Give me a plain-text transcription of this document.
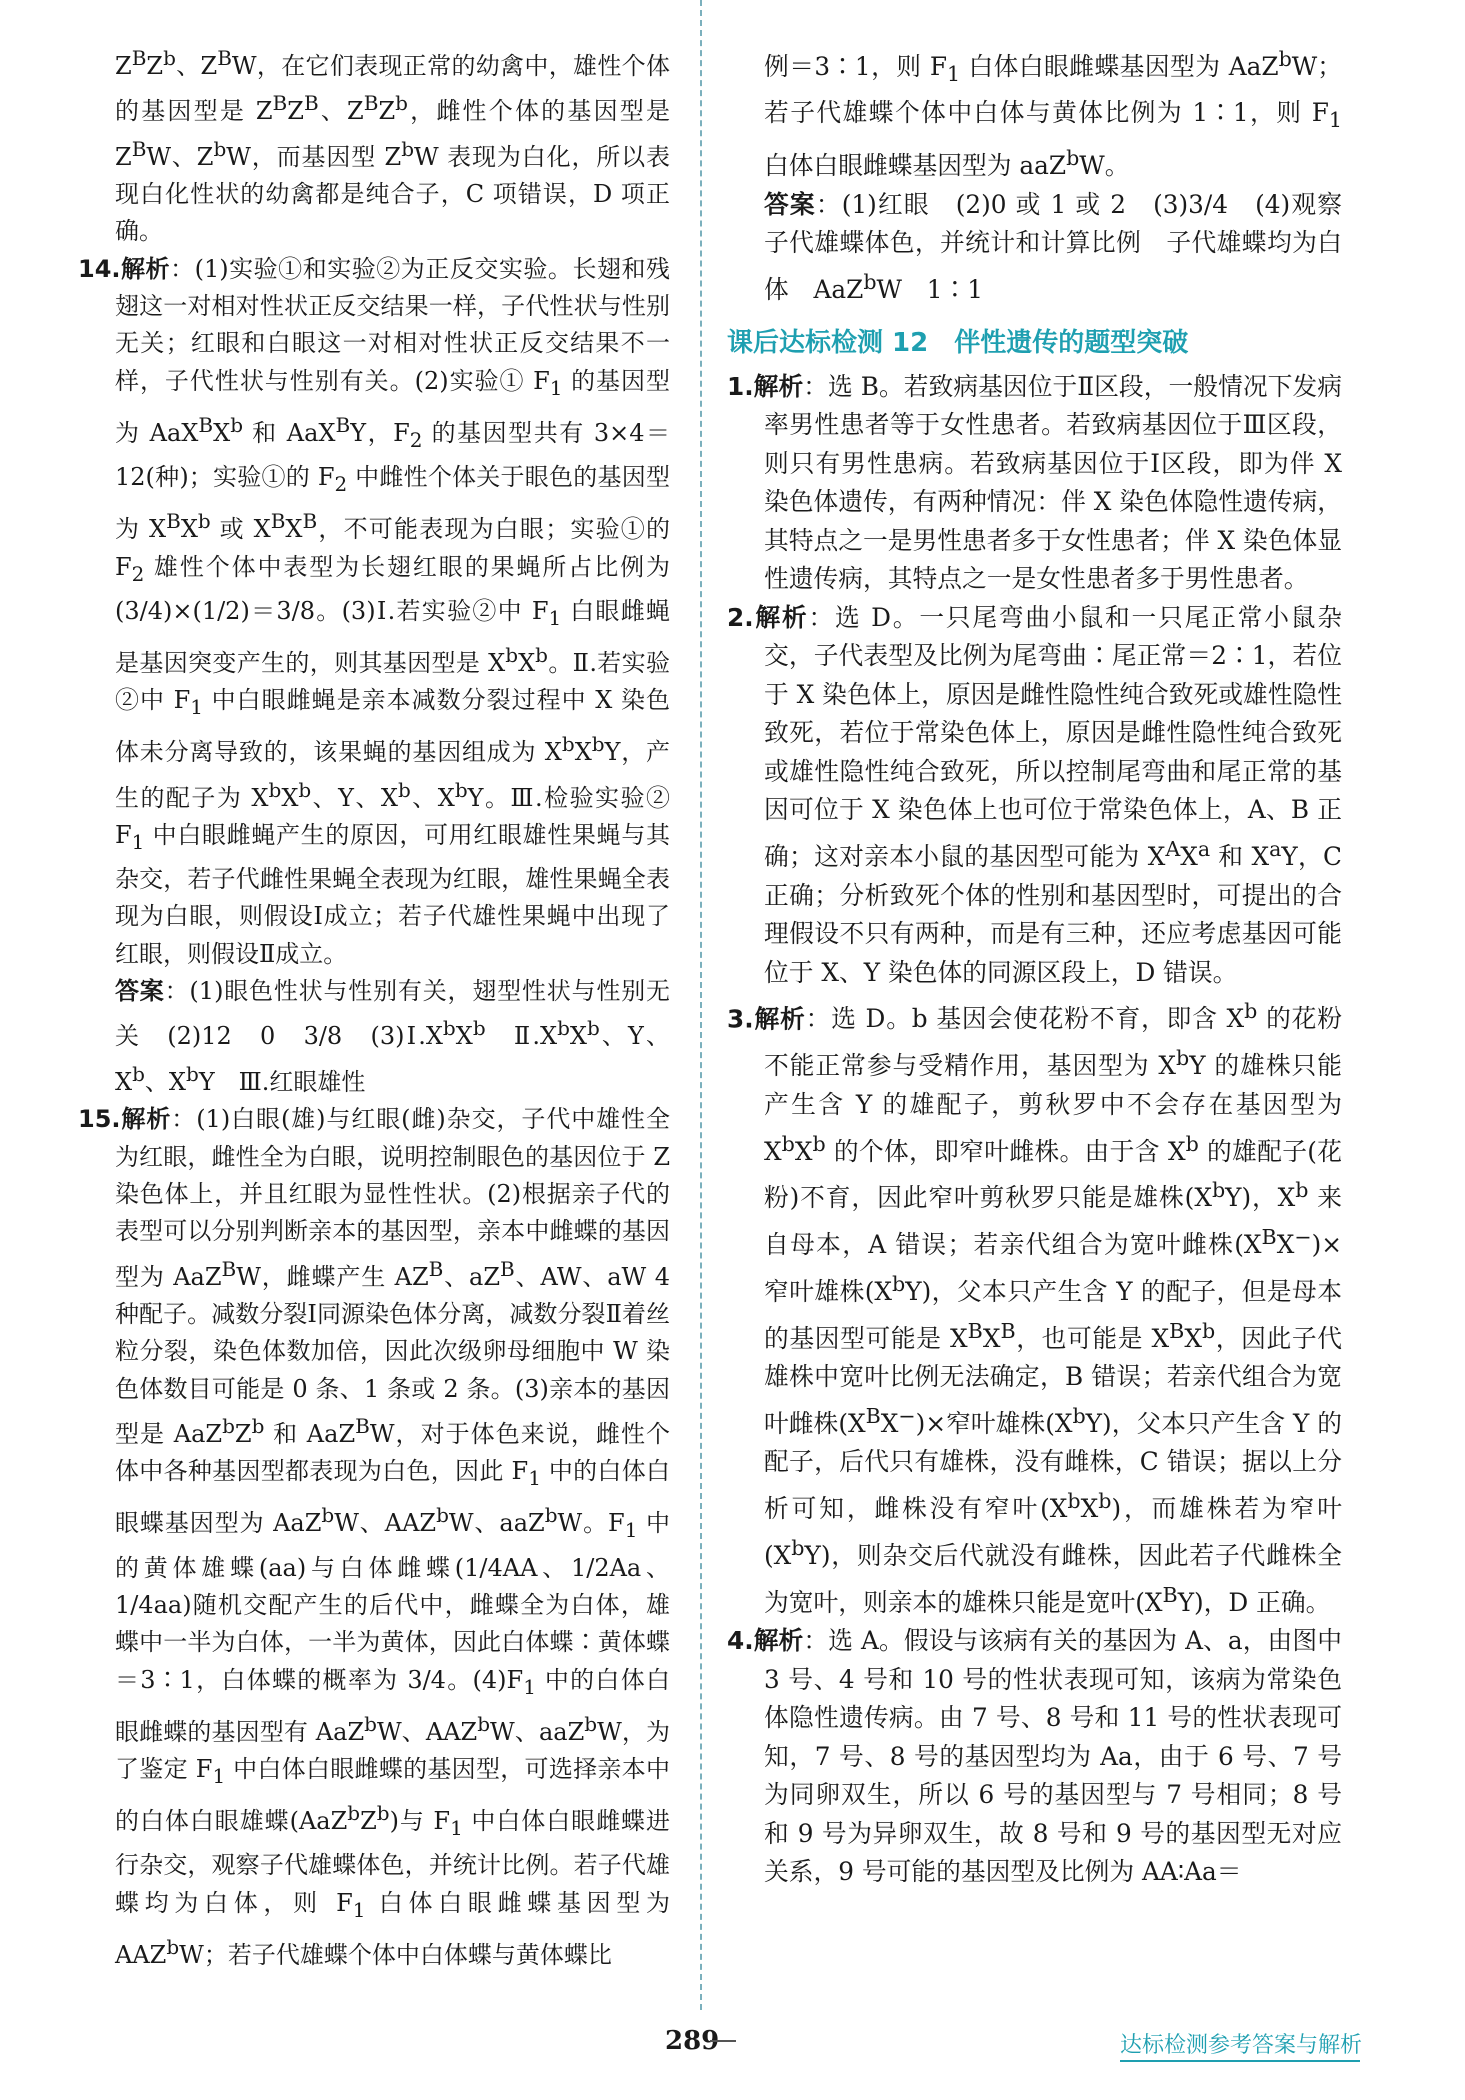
$Z^BZ^b$、$Z^BW$，在它们表现正常的幼禽中，雄性个体的基因型是 $Z^BZ^B$、$Z^BZ^b$，雌性个体的基因型是 $Z^BW$、$Z^bW$，而基因型 $Z^bW$ 表现为白化，所以表现白化性状的幼禽都是纯合子，C 项错误，D 项正确。

14.解析：(1)实验①和实验②为正反交实验。长翅和残翅这一对相对性状正反交结果一样，子代性状与性别无关；红眼和白眼这一对相对性状正反交结果不一样，子代性状与性别有关。(2)实验① $F_1$ 的基因型为 $AaX^BX^b$ 和 AaX$^B$Y，$F_2$ 的基因型共有 3×4＝12(种)；实验①的 $F_2$ 中雌性个体关于眼色的基因型为 $X^BX^b$ 或 $X^BX^B$，不可能表现为白眼；实验①的 $F_2$ 雄性个体中表型为长翅红眼的果蝇所占比例为 (3/4)×(1/2)＝3/8。(3)Ⅰ.若实验②中 $F_1$ 白眼雌蝇是基因突变产生的，则其基因型是 $X^bX^b$。Ⅱ.若实验②中 $F_1$ 中白眼雌蝇是亲本减数分裂过程中 X 染色体未分离导致的，该果蝇的基因组成为 $X^bX^bY$，产生的配子为 $X^bX^b$、Y、$X^b$、$X^bY$。Ⅲ.检验实验② $F_1$ 中白眼雌蝇产生的原因，可用红眼雄性果蝇与其杂交，若子代雌性果蝇全表现为红眼，雄性果蝇全表现为白眼，则假设Ⅰ成立；若子代雄性果蝇中出现了红眼，则假设Ⅱ成立。

答案：(1)眼色性状与性别有关，翅型性状与性别无关　(2)12　0　3/8　$(3)Ⅰ.X^bX^b$　$Ⅱ.X^bX^b$、Y、$X^b$、$X^bY$　Ⅲ.红眼雄性

15.解析：(1)白眼(雄)与红眼(雌)杂交，子代中雄性全为红眼，雌性全为白眼，说明控制眼色的基因位于 Z 染色体上，并且红眼为显性性状。(2)根据亲子代的表型可以分别判断亲本的基因型，亲本中雌蝶的基因型为 AaZ$^B$W，雌蝶产生 $AZ^B$、$aZ^B$、AW、aW 4 种配子。减数分裂Ⅰ同源染色体分离，减数分裂Ⅱ着丝粒分裂，染色体数加倍，因此次级卵母细胞中 W 染色体数目可能是 0 条、1 条或 2 条。(3)亲本的基因型是 $AaZ^bZ^b$ 和 AaZ$^B$W，对于体色来说，雌性个体中各种基因型都表现为白色，因此 $F_1$ 中的白体白眼蝶基因型为 AaZ$^b$W、AAZ$^b$W、aaZ$^b$W。$F_1$ 中的黄体雄蝶(aa)与白体雌蝶(1/4AA、1/2Aa、1/4aa)随机交配产生的后代中，雌蝶全为白体，雄蝶中一半为白体，一半为黄体，因此白体蝶∶黄体蝶＝3∶1，白体蝶的概率为 3/4。$(4)F_1$ 中的白体白眼雌蝶的基因型有 AaZ$^b$W、AAZ$^b$W、aaZ$^b$W，为了鉴定 $F_1$ 中白体白眼雌蝶的基因型，可选择亲本中的白体白眼雄蝶$(AaZ^bZ^b)$与 $F_1$ 中白体白眼雌蝶进行杂交，观察子代雄蝶体色，并统计比例。若子代雄蝶均为白体，则 $F_1$ 白体白眼雌蝶基因型为 AAZ$^b$W；若子代雄蝶个体中白体蝶与黄体蝶比

例＝3∶1，则 $F_1$ 白体白眼雌蝶基因型为 AaZ$^b$W；若子代雄蝶个体中白体与黄体比例为 1∶1，则 $F_1$ 白体白眼雌蝶基因型为 aaZ$^b$W。

答案：(1)红眼　(2)0 或 1 或 2　(3)3/4　(4)观察子代雄蝶体色，并统计和计算比例　子代雄蝶均为白体　AaZ$^b$W　1∶1

课后达标检测 12　伴性遗传的题型突破

1.解析：选 B。若致病基因位于Ⅱ区段，一般情况下发病率男性患者等于女性患者。若致病基因位于Ⅲ区段，则只有男性患病。若致病基因位于Ⅰ区段，即为伴 X 染色体遗传，有两种情况：伴 X 染色体隐性遗传病，其特点之一是男性患者多于女性患者；伴 X 染色体显性遗传病，其特点之一是女性患者多于男性患者。

2.解析：选 D。一只尾弯曲小鼠和一只尾正常小鼠杂交，子代表型及比例为尾弯曲∶尾正常＝2∶1，若位于 X 染色体上，原因是雌性隐性纯合致死或雄性隐性致死，若位于常染色体上，原因是雌性隐性纯合致死或雄性隐性纯合致死，所以控制尾弯曲和尾正常的基因可位于 X 染色体上也可位于常染色体上，A、B 正确；这对亲本小鼠的基因型可能为 $X^AX^a$ 和 $X^aY$，C 正确；分析致死个体的性别和基因型时，可提出的合理假设不只有两种，而是有三种，还应考虑基因可能位于 X、Y 染色体的同源区段上，D 错误。

3.解析：选 D。b 基因会使花粉不育，即含 $X^b$ 的花粉不能正常参与受精作用，基因型为 $X^bY$ 的雄株只能产生含 Y 的雄配子，剪秋罗中不会存在基因型为 $X^bX^b$ 的个体，即窄叶雌株。由于含 $X^b$ 的雄配子(花粉)不育，因此窄叶剪秋罗只能是雄株$(X^bY)$，$X^b$ 来自母本，A 错误；若亲代组合为宽叶雌株$(X^BX^-)\times$窄叶雄株$(X^bY)$，父本只产生含 Y 的配子，但是母本的基因型可能是 $X^BX^B$，也可能是 $X^BX^b$，因此子代雄株中宽叶比例无法确定，B 错误；若亲代组合为宽叶雌株$(X^BX^-)\times$窄叶雄株$(X^bY)$，父本只产生含 Y 的配子，后代只有雄株，没有雌株，C 错误；据以上分析可知，雌株没有窄叶$(X^bX^b)$，而雄株若为窄叶$(X^bY)$，则杂交后代就没有雌株，因此若子代雌株全为宽叶，则亲本的雄株只能是宽叶$(X^BY)$，D 正确。

4.解析：选 A。假设与该病有关的基因为 A、a，由图中 3 号、4 号和 10 号的性状表现可知，该病为常染色体隐性遗传病。由 7 号、8 号和 11 号的性状表现可知，7 号、8 号的基因型均为 Aa，由于 6 号、7 号为同卵双生，所以 6 号的基因型与 7 号相同；8 号和 9 号为异卵双生，故 8 号和 9 号的基因型无对应关系，9 号可能的基因型及比例为 AA∶Aa＝

289	达标检测参考答案与解析
